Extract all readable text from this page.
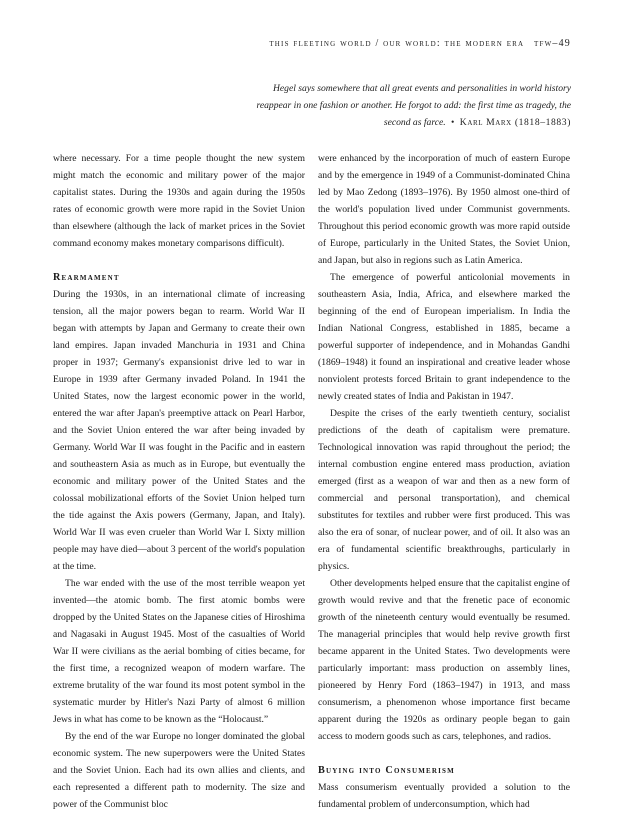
this fleeting world / our world: the modern era tfw–49
Hegel says somewhere that all great events and personalities in world history reappear in one fashion or another. He forgot to add: the first time as tragedy, the second as farce. • Karl Marx (1818–1883)

where necessary. For a time people thought the new system might match the economic and military power of the major capitalist states. During the 1930s and again during the 1950s rates of economic growth were more rapid in the Soviet Union than elsewhere (although the lack of market prices in the Soviet command economy makes monetary comparisons difficult).

Rearmament

During the 1930s, in an international climate of increasing tension, all the major powers began to rearm. World War II began with attempts by Japan and Germany to create their own land empires. Japan invaded Manchuria in 1931 and China proper in 1937; Germany's expansionist drive led to war in Europe in 1939 after Germany invaded Poland. In 1941 the United States, now the largest economic power in the world, entered the war after Japan's preemptive attack on Pearl Harbor, and the Soviet Union entered the war after being invaded by Germany. World War II was fought in the Pacific and in eastern and southeastern Asia as much as in Europe, but eventually the economic and military power of the United States and the colossal mobilizational efforts of the Soviet Union helped turn the tide against the Axis powers (Germany, Japan, and Italy). World War II was even crueler than World War I. Sixty million people may have died—about 3 percent of the world's population at the time.

The war ended with the use of the most terrible weapon yet invented—the atomic bomb. The first atomic bombs were dropped by the United States on the Japanese cities of Hiroshima and Nagasaki in August 1945. Most of the casualties of World War II were civilians as the aerial bombing of cities became, for the first time, a recognized weapon of modern warfare. The extreme brutality of the war found its most potent symbol in the systematic murder by Hitler's Nazi Party of almost 6 million Jews in what has come to be known as the “Holocaust.”

By the end of the war Europe no longer dominated the global economic system. The new superpowers were the United States and the Soviet Union. Each had its own allies and clients, and each represented a different path to modernity. The size and power of the Communist bloc

were enhanced by the incorporation of much of eastern Europe and by the emergence in 1949 of a Communist-dominated China led by Mao Zedong (1893–1976). By 1950 almost one-third of the world's population lived under Communist governments. Throughout this period economic growth was more rapid outside of Europe, particularly in the United States, the Soviet Union, and Japan, but also in regions such as Latin America.

The emergence of powerful anticolonial movements in southeastern Asia, India, Africa, and elsewhere marked the beginning of the end of European imperialism. In India the Indian National Congress, established in 1885, became a powerful supporter of independence, and in Mohandas Gandhi (1869–1948) it found an inspirational and creative leader whose nonviolent protests forced Britain to grant independence to the newly created states of India and Pakistan in 1947.

Despite the crises of the early twentieth century, socialist predictions of the death of capitalism were premature. Technological innovation was rapid throughout the period; the internal combustion engine entered mass production, aviation emerged (first as a weapon of war and then as a new form of commercial and personal transportation), and chemical substitutes for textiles and rubber were first produced. This was also the era of sonar, of nuclear power, and of oil. It also was an era of fundamental scientific breakthroughs, particularly in physics.

Other developments helped ensure that the capitalist engine of growth would revive and that the frenetic pace of economic growth of the nineteenth century would eventually be resumed. The managerial principles that would help revive growth first became apparent in the United States. Two developments were particularly important: mass production on assembly lines, pioneered by Henry Ford (1863–1947) in 1913, and mass consumerism, a phenomenon whose importance first became apparent during the 1920s as ordinary people began to gain access to modern goods such as cars, telephones, and radios.

Buying into Consumerism

Mass consumerism eventually provided a solution to the fundamental problem of underconsumption, which had
